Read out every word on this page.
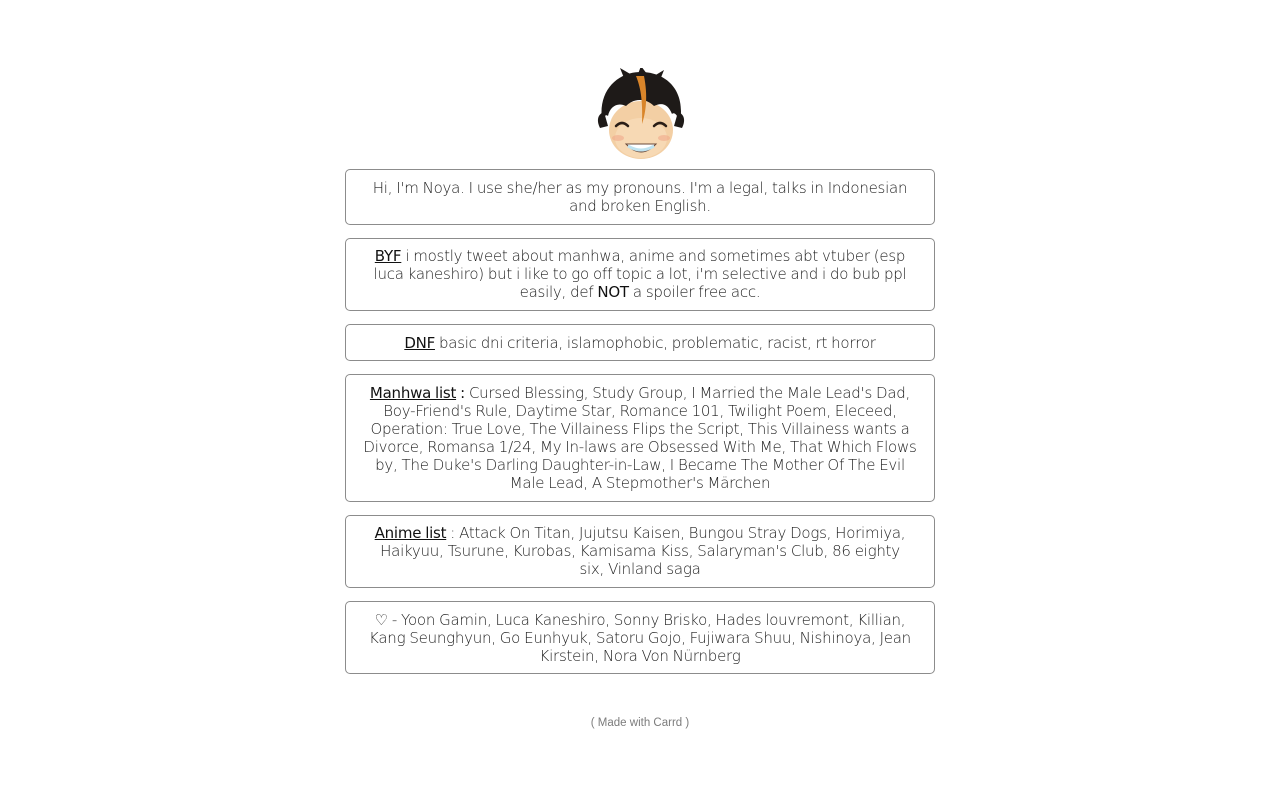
Hi, I'm Noya. I use she/her as my pronouns. I'm a legal, talks in Indonesian and broken English.
BYF i mostly tweet about manhwa, anime and sometimes abt vtuber (esp luca kaneshiro) but i like to go off topic a lot, i'm selective and i do bub ppl easily, def NOT a spoiler free acc.
DNF basic dni criteria, islamophobic, problematic, racist, rt horror
Manhwa list : Cursed Blessing, Study Group, I Married the Male Lead's Dad, Boy-Friend's Rule, Daytime Star, Romance 101, Twilight Poem, Eleceed, Operation: True Love, The Villainess Flips the Script, This Villainess wants a Divorce, Romansa 1/24, My In-laws are Obsessed With Me, That Which Flows by, The Duke's Darling Daughter-in-Law, I Became The Mother Of The Evil Male Lead, A Stepmother's Märchen
Anime list : Attack On Titan, Jujutsu Kaisen, Bungou Stray Dogs, Horimiya, Haikyuu, Tsurune, Kurobas, Kamisama Kiss, Salaryman's Club, 86 eighty six, Vinland saga
♡ - Yoon Gamin, Luca Kaneshiro, Sonny Brisko, Hades louvremont, Killian, Kang Seunghyun, Go Eunhyuk, Satoru Gojo, Fujiwara Shuu, Nishinoya, Jean Kirstein, Nora Von Nürnberg
( Made with Carrd )
